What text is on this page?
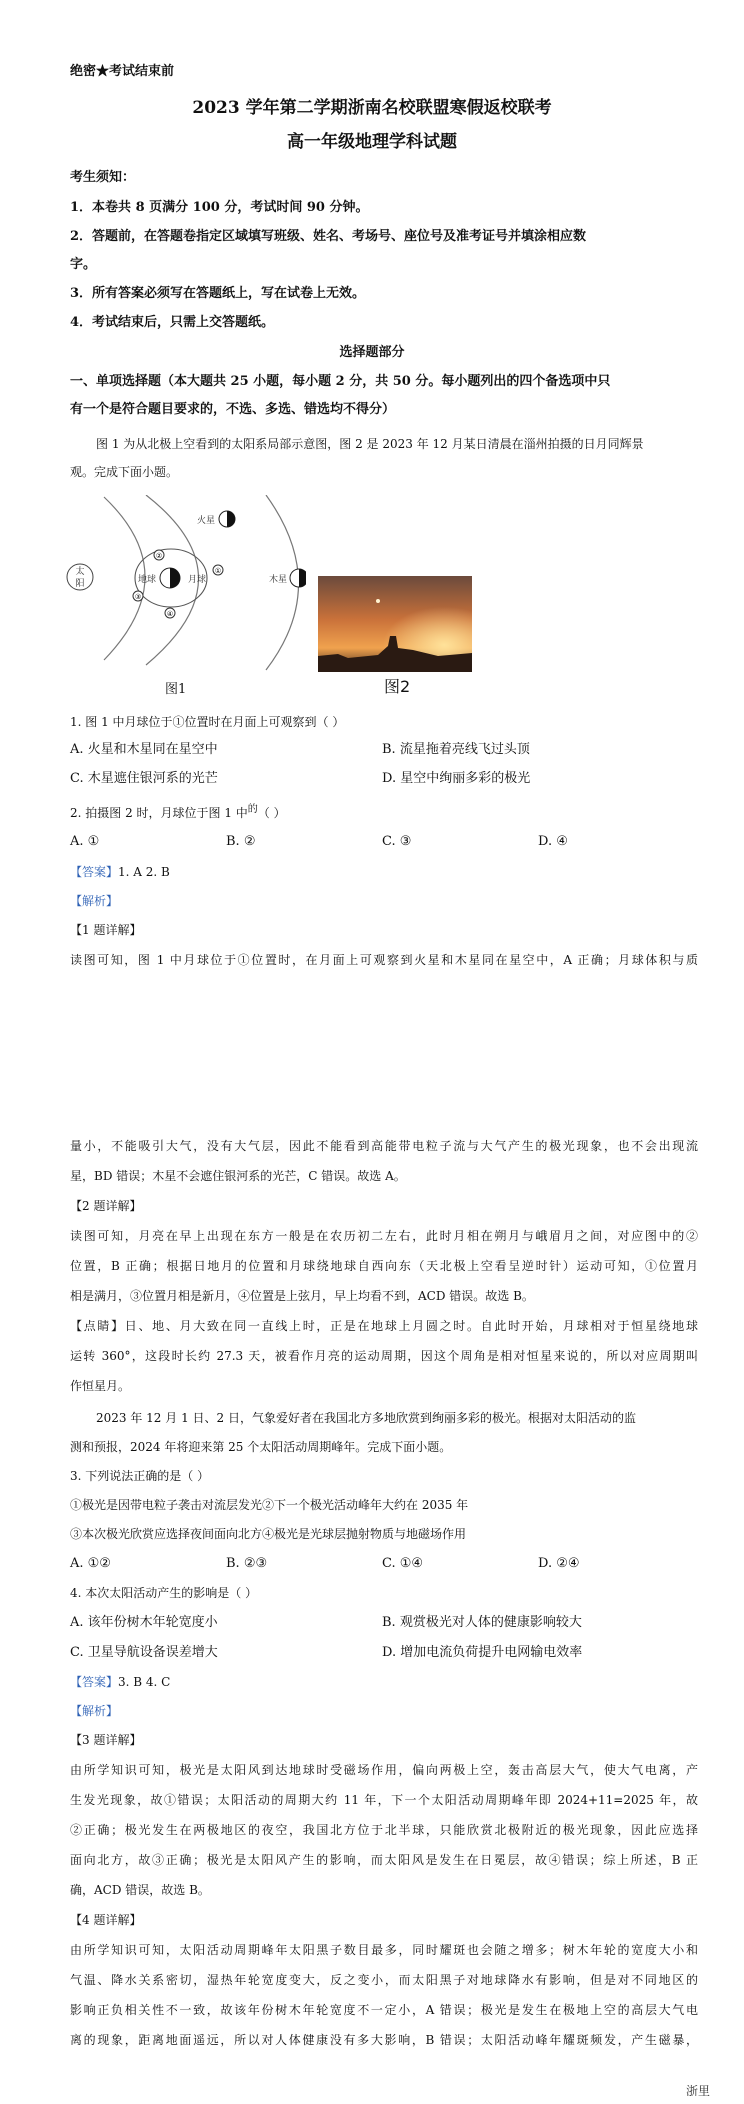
绝密★考试结束前
2023 学年第二学期浙南名校联盟寒假返校联考
高一年级地理学科试题
考生须知：
1．本卷共 8 页满分 100 分，考试时间 90 分钟。
2．答题前，在答题卷指定区域填写班级、姓名、考场号、座位号及准考证号并填涂相应数
字。
3．所有答案必须写在答题纸上，写在试卷上无效。
4．考试结束后，只需上交答题纸。
选择题部分
一、单项选择题（本大题共 25 小题，每小题 2 分，共 50 分。每小题列出的四个备选项中只
有一个是符合题目要求的，不选、多选、错选均不得分）
图 1 为从北极上空看到的太阳系局部示意图，图 2 是 2023 年 12 月某日清晨在淄州拍摄的日月同辉景
观。完成下面小题。
太
阳	地球	月球
②
①
③
④
火星
木星
图1	图2
1. 图 1 中月球位于①位置时在月面上可观察到（ ）
A. 火星和木星同在星空中	B. 流星拖着亮线飞过头顶
C. 木星遮住银河系的光芒	D. 星空中绚丽多彩的极光
2. 拍摄图 2 时，月球位于图 1 中$^的$（ ）
A. ①	B. ②	C. ③	D. ④
【答案】1. A 2. B
【解析】
【1 题详解】
读图可知，图 1 中月球位于①位置时，在月面上可观察到火星和木星同在星空中，A 正确；月球体积与质
量小，不能吸引大气，没有大气层，因此不能看到高能带电粒子流与大气产生的极光现象，也不会出现流
星，BD 错误；木星不会遮住银河系的光芒，C 错误。故选 A。
【2 题详解】
读图可知，月亮在早上出现在东方一般是在农历初二左右，此时月相在朔月与峨眉月之间，对应图中的②
位置，B 正确；根据日地月的位置和月球绕地球自西向东（天北极上空看呈逆时针）运动可知，①位置月
相是满月，③位置月相是新月，④位置是上弦月，早上均看不到，ACD 错误。故选 B。
【点睛】日、地、月大致在同一直线上时，正是在地球上月圆之时。自此时开始，月球相对于恒星绕地球
运转 360°，这段时长约 27.3 天，被看作月亮的运动周期，因这个周角是相对恒星来说的，所以对应周期叫
作恒星月。
2023 年 12 月 1 日、2 日，气象爱好者在我国北方多地欣赏到绚丽多彩的极光。根据对太阳活动的监
测和预报，2024 年将迎来第 25 个太阳活动周期峰年。完成下面小题。
3. 下列说法正确的是（ ）
①极光是因带电粒子袭击对流层发光②下一个极光活动峰年大约在 2035 年
③本次极光欣赏应选择夜间面向北方④极光是光球层抛射物质与地磁场作用
A. ①②	B. ②③	C. ①④	D. ②④
4. 本次太阳活动产生的影响是（ ）
A. 该年份树木年轮宽度小	B. 观赏极光对人体的健康影响较大
C. 卫星导航设备误差增大	D. 增加电流负荷提升电网输电效率
【答案】3. B 4. C
【解析】
【3 题详解】
由所学知识可知，极光是太阳风到达地球时受磁场作用，偏向两极上空，轰击高层大气，使大气电离，产
生发光现象，故①错误；太阳活动的周期大约 11 年，下一个太阳活动周期峰年即 2024+11=2025 年，故
②正确；极光发生在两极地区的夜空，我国北方位于北半球，只能欣赏北极附近的极光现象，因此应选择
面向北方，故③正确；极光是太阳风产生的影响，而太阳风是发生在日冕层，故④错误；综上所述，B 正
确，ACD 错误，故选 B。
【4 题详解】
由所学知识可知，太阳活动周期峰年太阳黑子数目最多，同时耀斑也会随之增多；树木年轮的宽度大小和
气温、降水关系密切，湿热年轮宽度变大，反之变小，而太阳黑子对地球降水有影响，但是对不同地区的
影响正负相关性不一致，故该年份树木年轮宽度不一定小，A 错误；极光是发生在极地上空的高层大气电
离的现象，距离地面遥远，所以对人体健康没有多大影响，B 错误；太阳活动峰年耀斑频发，产生磁暴，
浙里
